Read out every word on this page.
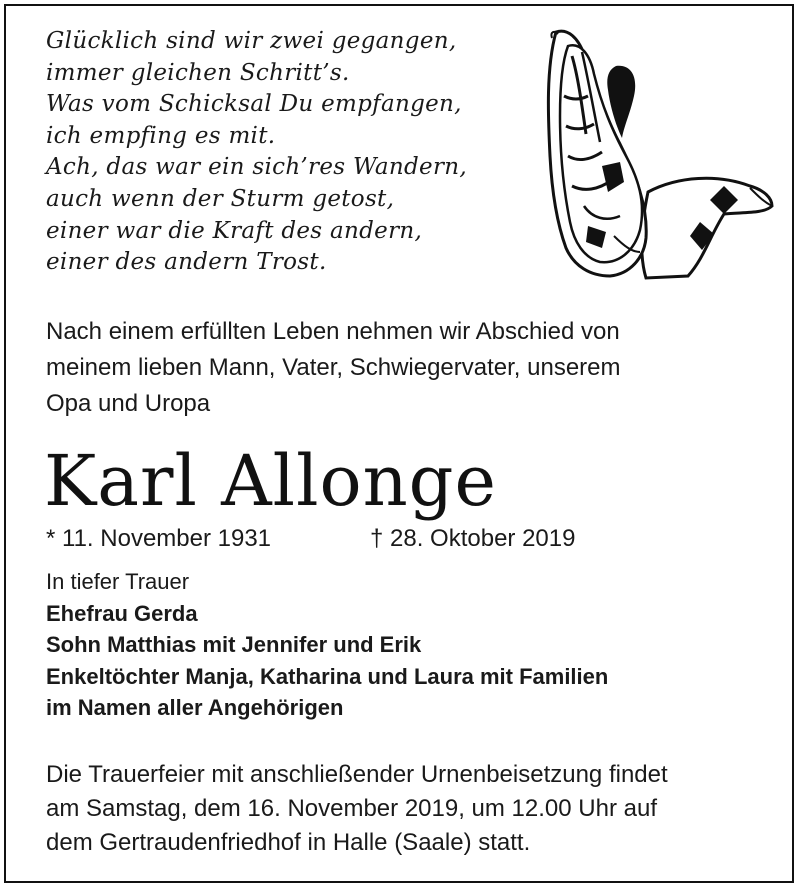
Glücklich sind wir zwei gegangen,
immer gleichen Schritt’s.
Was vom Schicksal Du empfangen,
ich empfing es mit.
Ach, das war ein sich’res Wandern,
auch wenn der Sturm getost,
einer war die Kraft des andern,
einer des andern Trost.
Nach einem erfüllten Leben nehmen wir Abschied von
meinem lieben Mann, Vater, Schwiegervater, unserem
Opa und Uropa
Karl Allonge
* 11. November 1931	† 28. Oktober 2019
In tiefer Trauer
Ehefrau Gerda
Sohn Matthias mit Jennifer und Erik
Enkeltöchter Manja, Katharina und Laura mit Familien
im Namen aller Angehörigen
Die Trauerfeier mit anschließender Urnenbeisetzung findet
am Samstag, dem 16. November 2019, um 12.00 Uhr auf
dem Gertraudenfriedhof in Halle (Saale) statt.
